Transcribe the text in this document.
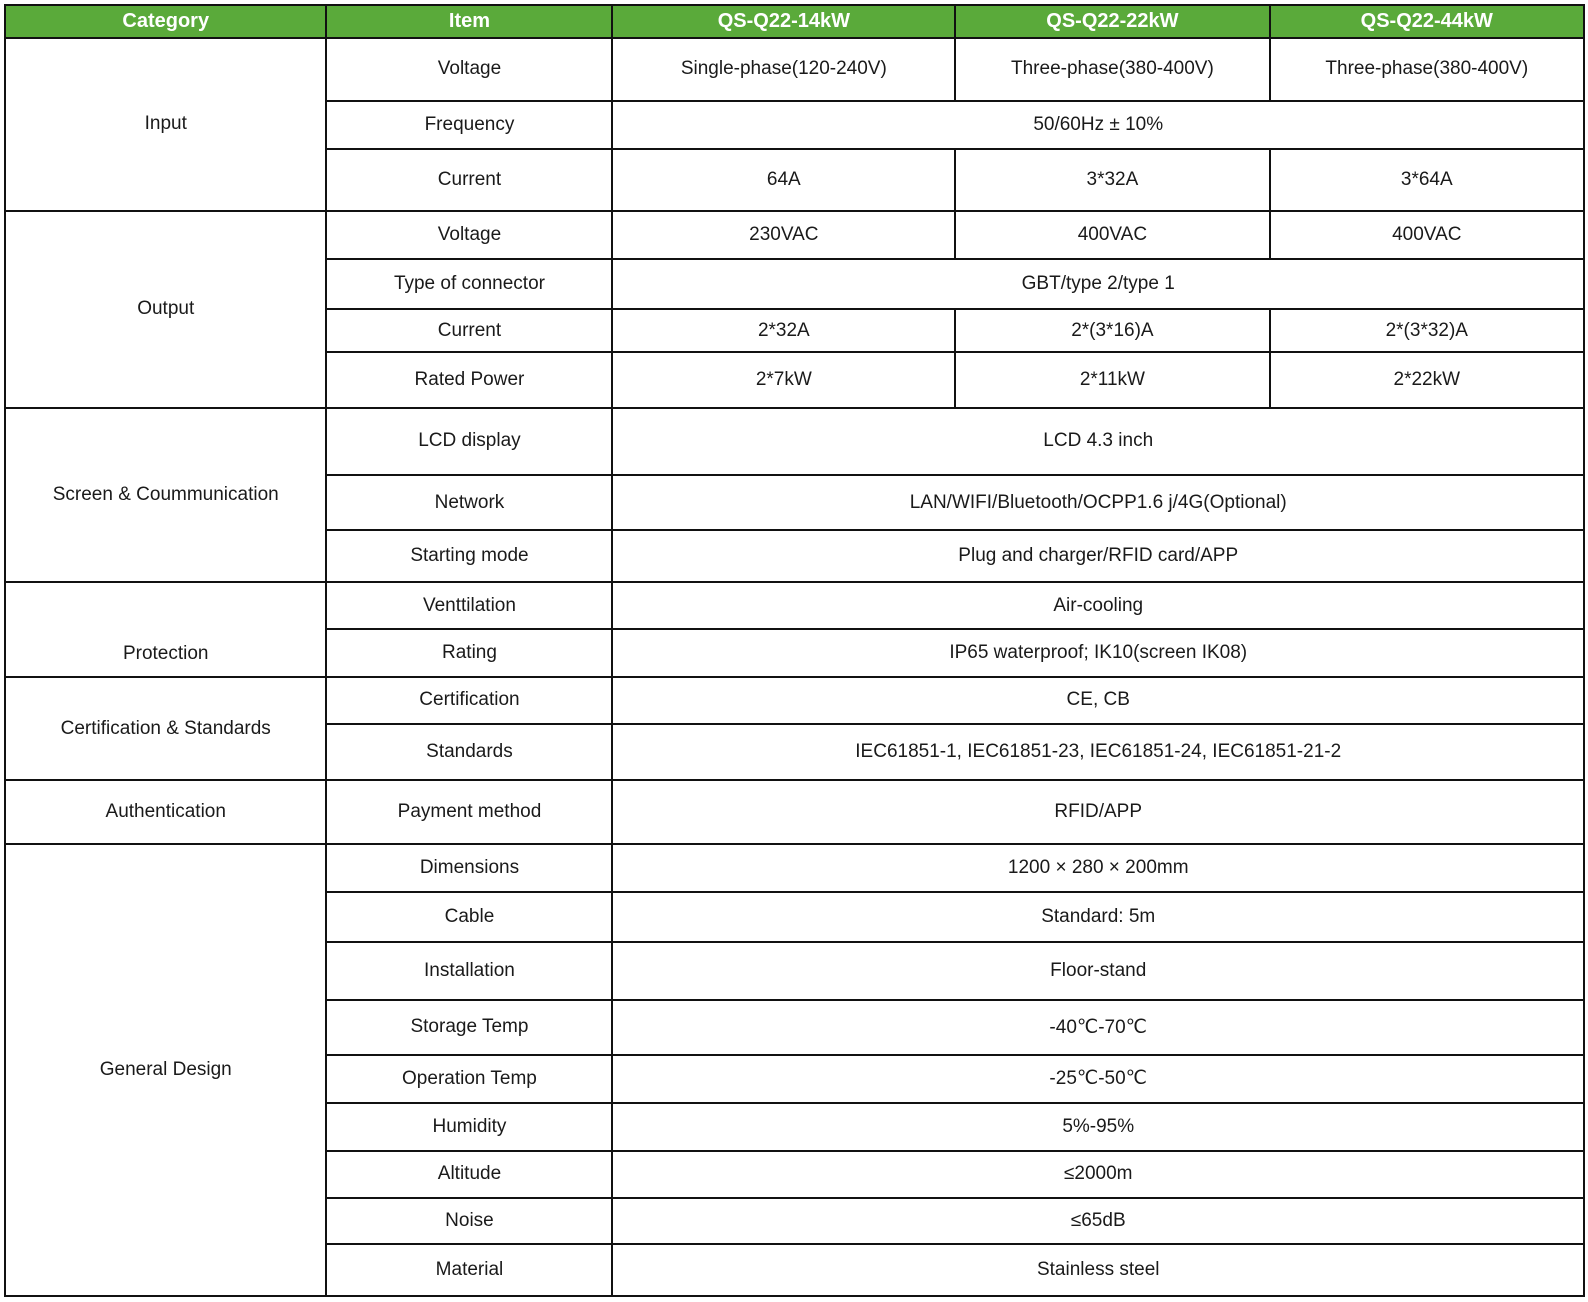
Category	Item	QS-Q22-14kW	QS-Q22-22kW	QS-Q22-44kW
Input	Voltage	Single-phase(120-240V)	Three-phase(380-400V)	Three-phase(380-400V)
	Frequency	50/60Hz ± 10%		
	Current	64A	3*32A	3*64A
Output	Voltage	230VAC	400VAC	400VAC
	Type of connector	GBT/type 2/type 1		
	Current	2*32A	2*(3*16)A	2*(3*32)A
	Rated Power	2*7kW	2*11kW	2*22kW
Screen & Coummunication	LCD display	LCD 4.3 inch		
	Network	LAN/WIFI/Bluetooth/OCPP1.6 j/4G(Optional)		
	Starting mode	Plug and charger/RFID card/APP		
Protection	Venttilation	Air-cooling		
	Rating	IP65 waterproof; IK10(screen IK08)		
Certification & Standards	Certification	CE, CB		
	Standards	IEC61851-1, IEC61851-23, IEC61851-24, IEC61851-21-2		
Authentication	Payment method	RFID/APP		
General Design	Dimensions	1200 × 280 × 200mm		
	Cable	Standard: 5m		
	Installation	Floor-stand		
	Storage Temp	-40℃-70℃		
	Operation Temp	-25℃-50℃		
	Humidity	5%-95%		
	Altitude	≤2000m		
	Noise	≤65dB		
	Material	Stainless steel		
